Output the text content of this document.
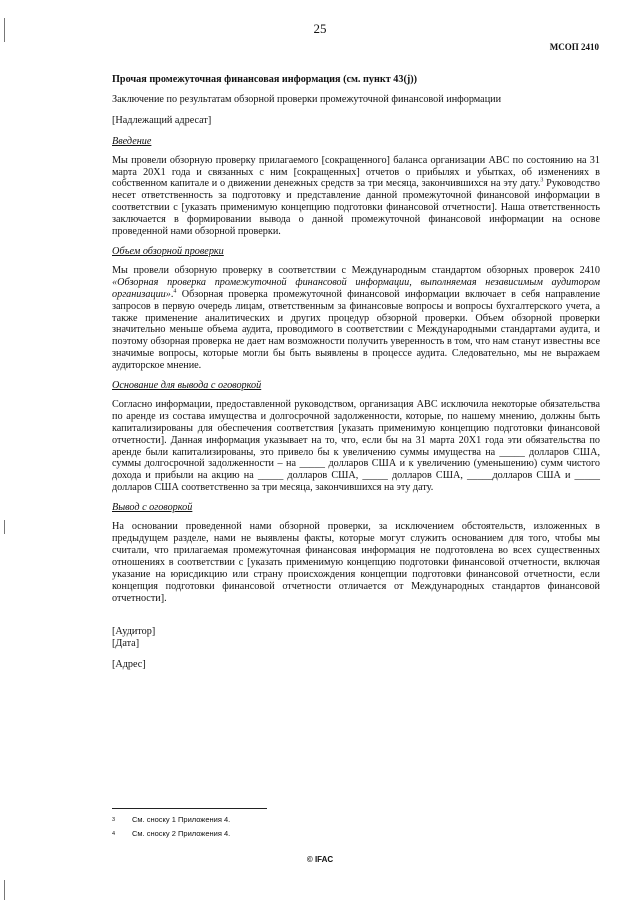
25
МСОП 2410

Прочая промежуточная финансовая информация (см. пункт 43(j))

Заключение по результатам обзорной проверки промежуточной финансовой информации

[Надлежащий адресат]

Введение

Мы провели обзорную проверку прилагаемого [сокращенного] баланса организации ABC по состоянию на 31 марта 20X1 года и связанных с ним [сокращенных] отчетов о прибылях и убытках, об изменениях в собственном капитале и о движении денежных средств за три месяца, закончившихся на эту дату.$^3$ Руководство несет ответственность за подготовку и представление данной промежуточной финансовой информации в соответствии с [указать применимую концепцию подготовки финансовой отчетности]. Наша ответственность заключается в формировании вывода о данной промежуточной финансовой информации на основе проведенной нами обзорной проверки.

Объем обзорной проверки

Мы провели обзорную проверку в соответствии с Международным стандартом обзорных проверок 2410 «Обзорная проверка промежуточной финансовой информации, выполняемая независимым аудитором организации».$^4$ Обзорная проверка промежуточной финансовой информации включает в себя направление запросов в первую очередь лицам, ответственным за финансовые вопросы и вопросы бухгалтерского учета, а также применение аналитических и других процедур обзорной проверки. Объем обзорной проверки значительно меньше объема аудита, проводимого в соответствии с Международными стандартами аудита, и поэтому обзорная проверка не дает нам возможности получить уверенность в том, что нам станут известны все значимые вопросы, которые могли бы быть выявлены в процессе аудита. Следовательно, мы не выражаем аудиторское мнение.

Основание для вывода с оговоркой

Согласно информации, предоставленной руководством, организация ABC исключила некоторые обязательства по аренде из состава имущества и долгосрочной задолженности, которые, по нашему мнению, должны быть капитализированы для обеспечения соответствия [указать применимую концепцию подготовки финансовой отчетности]. Данная информация указывает на то, что, если бы на 31 марта 20X1 года эти обязательства по аренде были капитализированы, это привело бы к увеличению суммы имущества на _____ долларов США, суммы долгосрочной задолженности – на _____ долларов США и к увеличению (уменьшению) сумм чистого дохода и прибыли на акцию на _____ долларов США, _____ долларов США, _____долларов США и _____ долларов США соответственно за три месяца, закончившихся на эту дату.

Вывод с оговоркой

На основании проведенной нами обзорной проверки, за исключением обстоятельств, изложенных в предыдущем разделе, нами не выявлены факты, которые могут служить основанием для того, чтобы мы считали, что прилагаемая промежуточная финансовая информация не подготовлена во всех существенных отношениях в соответствии с [указать применимую концепцию подготовки финансовой отчетности, включая указание на юрисдикцию или страну происхождения концепции подготовки финансовой отчетности, если концепция подготовки финансовой отчетности отличается от Международных стандартов финансовой отчетности].

[Аудитор]

[Дата]

[Адрес]

3 См. сноску 1 Приложения 4.
4 См. сноску 2 Приложения 4.
© IFAC
